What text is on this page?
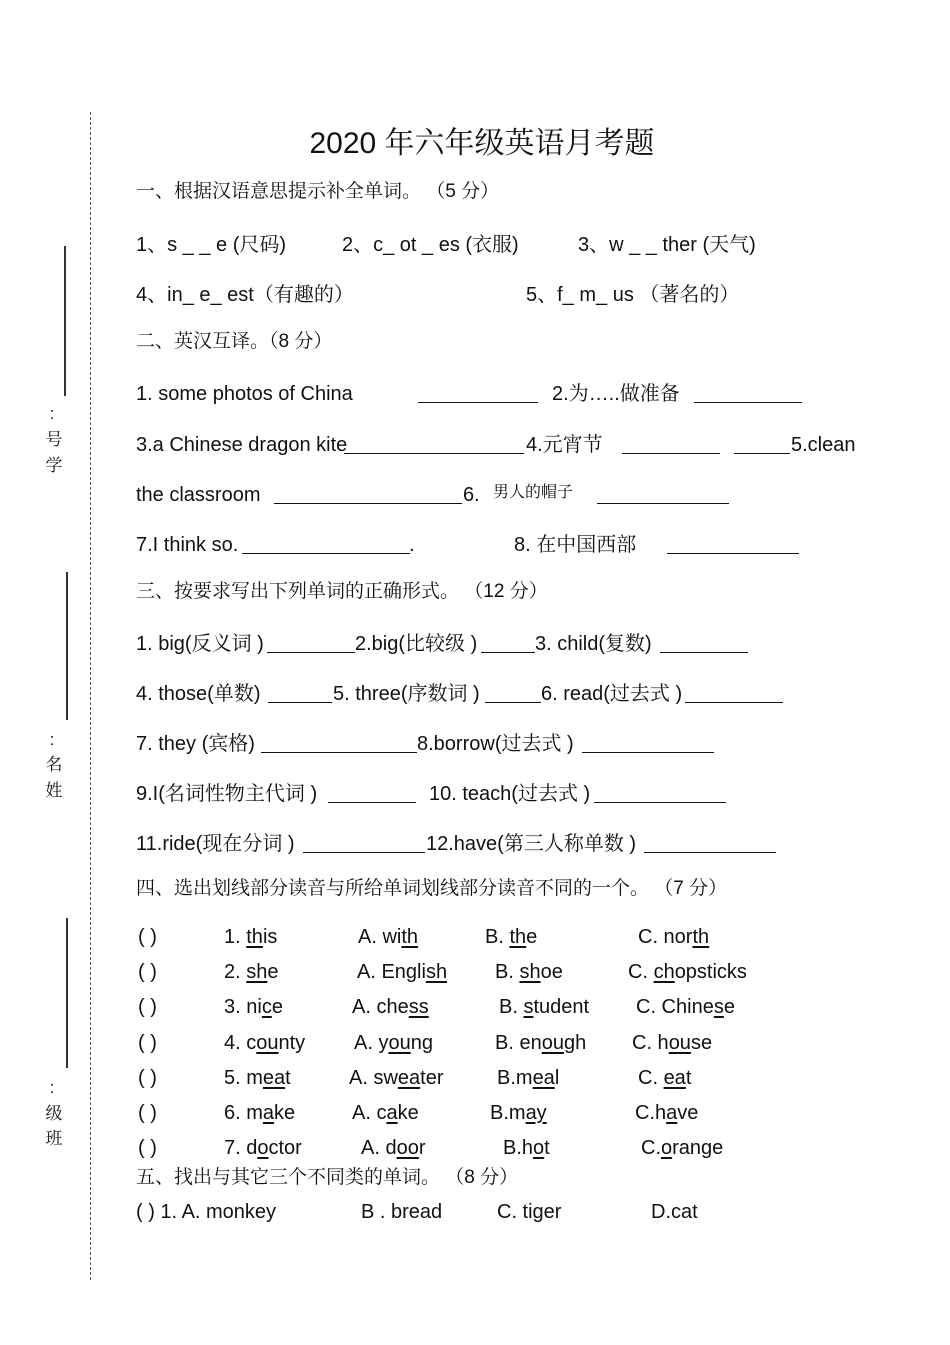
:
号
学
:
名
姓
:
级
班
2020 年六年级英语月考题
一、根据汉语意思提示补全单词。 （5 分）
1、s _ _ e (尺码)	2、c_ ot _ es (衣服)	3、w _ _ ther (天气)
4、in_ e_ est（有趣的）	5、f_ m_ us （著名的）
二、英汉互译。（8 分）
1. some photos of China	2.为…..做准备
3.a Chinese dragon kite	4.元宵节	5.clean
the classroom	6. 男人的帽子
7.I think so.	.	8. 在中国西部
三、按要求写出下列单词的正确形式。 （12 分）
1. big(反义词 )	2.big(比较级 )	3. child(复数)
4. those(单数)	5. three(序数词 )	6. read(过去式 )
7. they (宾格)	8.borrow(过去式 )
9.I(名词性物主代词 )	10. teach(过去式 )
11.ride(现在分词 )	12.have(第三人称单数 )
四、选出划线部分读音与所给单词划线部分读音不同的一个。 （7 分）
( )	1. this	A. with	B. the	C. north
( )	2. she	A. English B. shoe	C. chopsticks
( )	3. nice	A. chess	B. student C. Chinese
( )	4. county A. young	B. enough C. house
( )	5. meat	A. sweater	B.meal	C. eat
( )	6. make	A. cake	B.may	C.have
( )	7. doctor	A. door	B.hot	C.orange
五、找出与其它三个不同类的单词。 （8 分）
( ) 1. A. monkey	B . bread	C. tiger	D.cat
